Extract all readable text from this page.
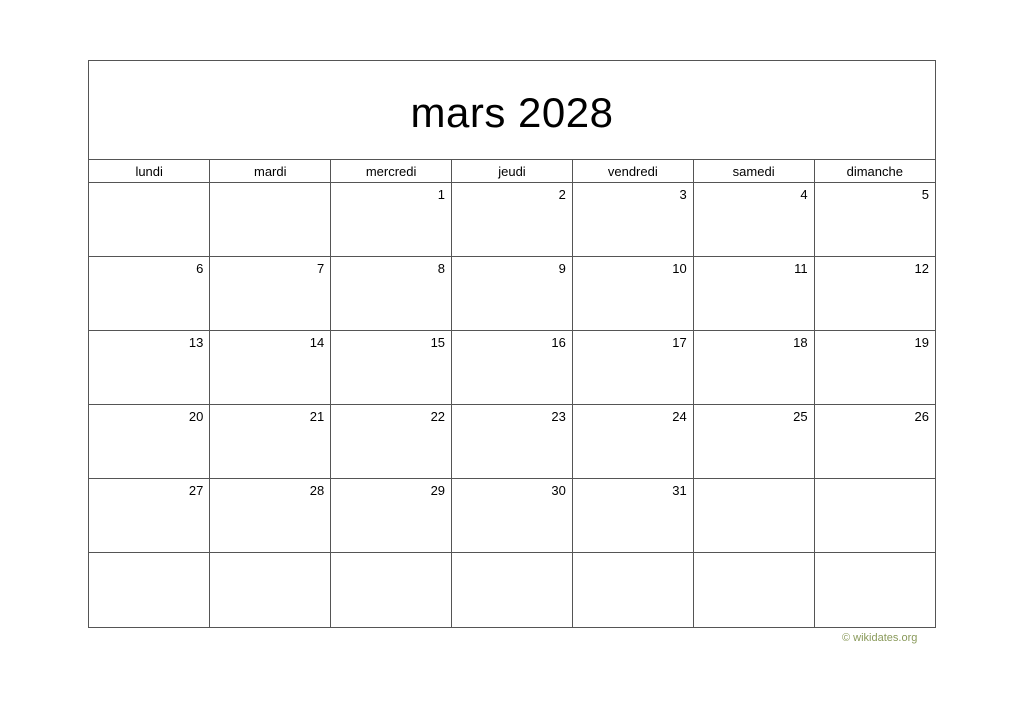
mars 2028
lundi	mardi	mercredi	jeudi	vendredi	samedi	dimanche
		1	2	3	4	5
6	7	8	9	10	11	12
13	14	15	16	17	18	19
20	21	22	23	24	25	26
27	28	29	30	31		

© wikidates.org
